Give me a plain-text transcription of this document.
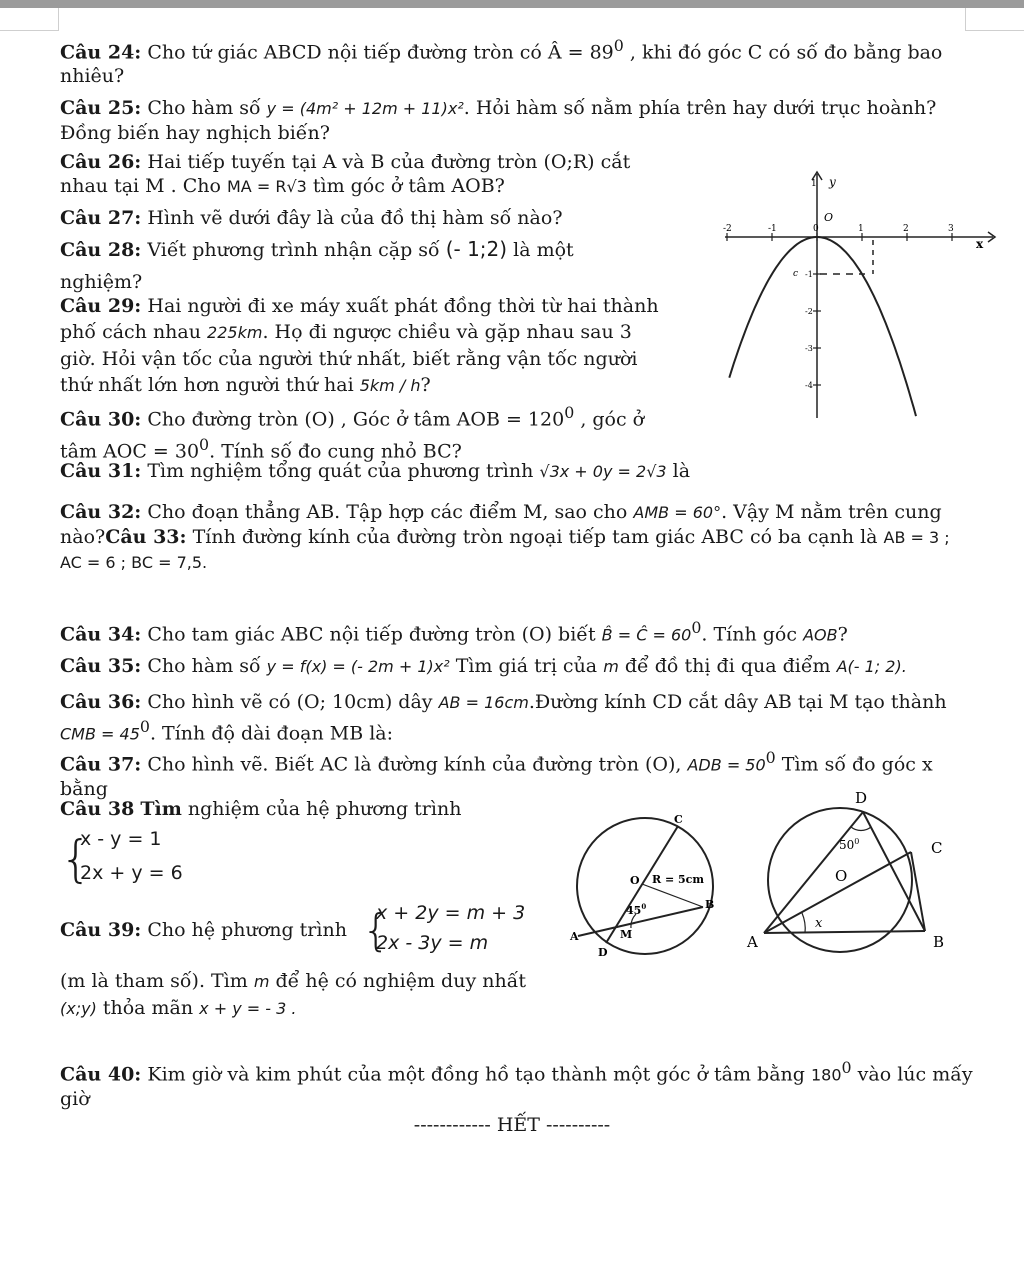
Câu 24: Cho tứ giác ABCD nội tiếp đường tròn có Â = $89^0$ , khi đó góc C có số đo bằng bao nhiêu?

Câu 25: Cho hàm số y = (4m² + 12m + 11)x². Hỏi hàm số nằm phía trên hay dưới trục hoành? Đồng biến hay nghịch biến?

Câu 26: Hai tiếp tuyến tại A và B của đường tròn (O;R) cắt nhau tại M . Cho MA = R√3 tìm góc ở tâm AOB?

Câu 27: Hình vẽ dưới đây là của đồ thị hàm số nào?

Câu 28: Viết phương trình nhận cặp số (- 1;2) là một nghiệm?

Câu 29: Hai người đi xe máy xuất phát đồng thời từ hai thành phố cách nhau 225km. Họ đi ngược chiều và gặp nhau sau 3 giờ. Hỏi vận tốc của người thứ nhất, biết rằng vận tốc người thứ nhất lớn hơn người thứ hai 5km / h?

Câu 30: Cho đường tròn (O) , Góc ở tâm AOB = $120^0$ , góc ở tâm AOC = $30^0$. Tính số đo cung nhỏ BC?

y
x
1
O
c
-2	-1	0	1	2	3
-1
-2
-3
-4

Câu 31: Tìm nghiệm tổng quát của phương trình √3x + 0y = 2√3 là

Câu 32: Cho đoạn thẳng AB. Tập hợp các điểm M, sao cho AMB = 60°. Vậy M nằm trên cung nào?Câu 33: Tính đường kính của đường tròn ngoại tiếp tam giác ABC có ba cạnh là AB = 3 ;
AC = 6 ; BC = 7,5.

Câu 34: Cho tam giác ABC nội tiếp đường tròn (O) biết B̂ = Ĉ = $60^0$. Tính góc AOB?

Câu 35: Cho hàm số y = f(x) = (- 2m + 1)x² Tìm giá trị của m để đồ thị đi qua điểm A(- 1; 2).

Câu 36: Cho hình vẽ có (O; 10cm) dây AB = 16cm.Đường kính CD cắt dây AB tại M tạo thành CMB = $45^0$. Tính độ dài đoạn MB là:

Câu 37: Cho hình vẽ. Biết AC là đường kính của đường tròn (O), ADB = $50^0$ Tìm số đo góc x bằng

Câu 38 Tìm nghiệm của hệ phương trình

{
x - y = 1
2x + y = 6

Câu 39: Cho hệ phương trình {
x + 2y = m + 3
2x - 3y = m

(m là tham số). Tìm m để hệ có nghiệm duy nhất (x;y) thỏa mãn x + y = - 3 .

C
O R = 5cm
$45^0$	B
A	M
D
D
C
O
A	B
$50^0$
x

Câu 40: Kim giờ và kim phút của một đồng hồ tạo thành một góc ở tâm bằng $180^0$ vào lúc mấy giờ

------------ HẾT ----------
